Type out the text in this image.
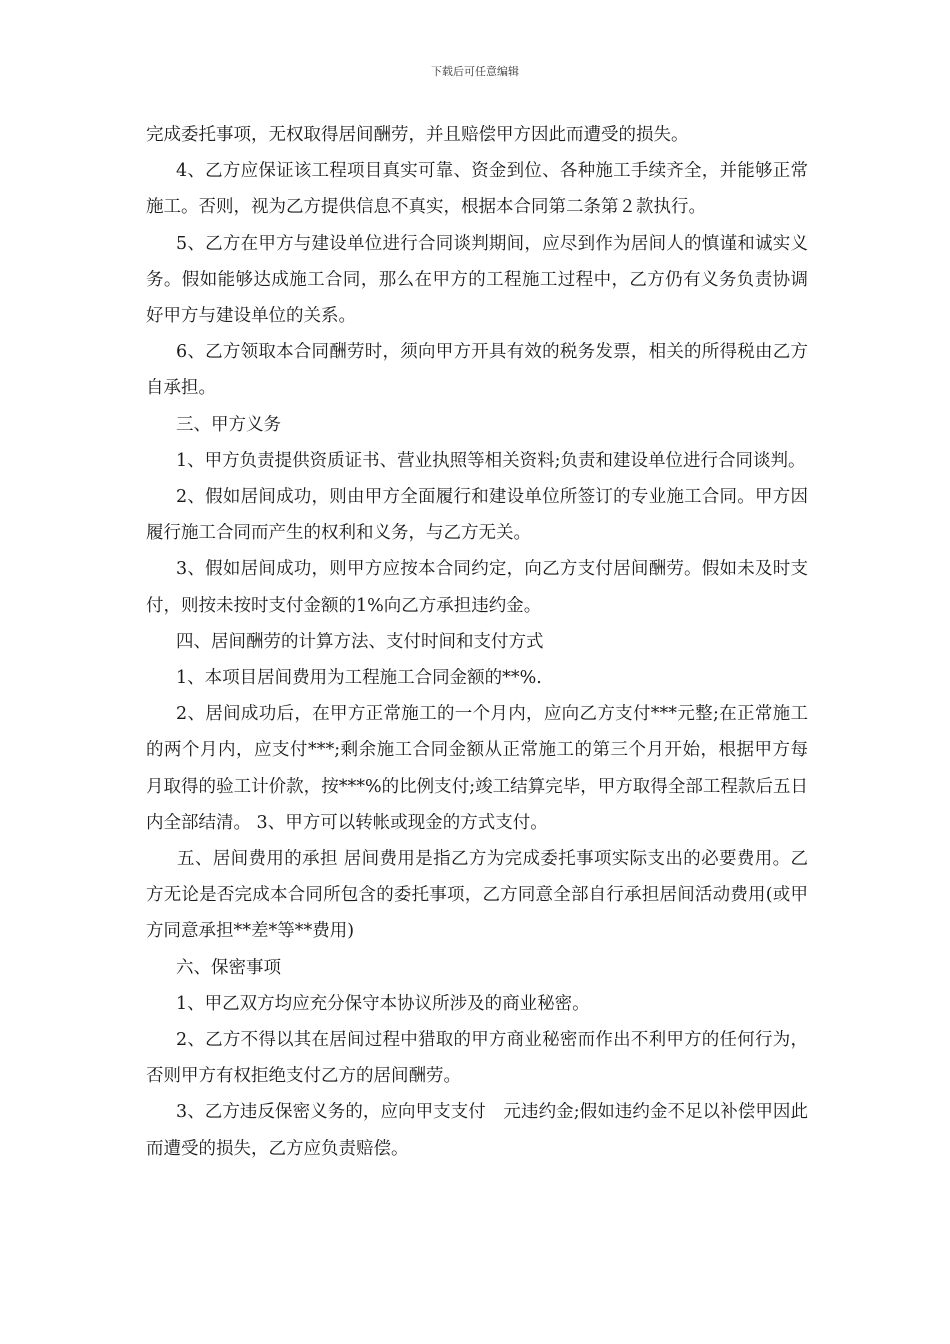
下载后可任意编辑

完成委托事项，无权取得居间酬劳，并且赔偿甲方因此而遭受的损失。

4、乙方应保证该工程项目真实可靠、资金到位、各种施工手续齐全，并能够正常施工。否则，视为乙方提供信息不真实，根据本合同第二条第２款执行。

5、乙方在甲方与建设单位进行合同谈判期间，应尽到作为居间人的慎谨和诚实义务。假如能够达成施工合同，那么在甲方的工程施工过程中，乙方仍有义务负责协调好甲方与建设单位的关系。

6、乙方领取本合同酬劳时，须向甲方开具有效的税务发票，相关的所得税由乙方自承担。

三、甲方义务

1、甲方负责提供资质证书、营业执照等相关资料;负责和建设单位进行合同谈判。

2、假如居间成功，则由甲方全面履行和建设单位所签订的专业施工合同。甲方因履行施工合同而产生的权利和义务，与乙方无关。

3、假如居间成功，则甲方应按本合同约定，向乙方支付居间酬劳。假如未及时支付，则按未按时支付金额的1%向乙方承担违约金。

四、居间酬劳的计算方法、支付时间和支付方式

1、本项目居间费用为工程施工合同金额的**%.

2、居间成功后，在甲方正常施工的一个月内，应向乙方支付***元整;在正常施工的两个月内，应支付***;剩余施工合同金额从正常施工的第三个月开始，根据甲方每月取得的验工计价款，按***%的比例支付;竣工结算完毕，甲方取得全部工程款后五日内全部结清。 3、甲方可以转帐或现金的方式支付。

五、居间费用的承担 居间费用是指乙方为完成委托事项实际支出的必要费用。乙方无论是否完成本合同所包含的委托事项，乙方同意全部自行承担居间活动费用(或甲方同意承担**差*等**费用)

六、保密事项

1、甲乙双方均应充分保守本协议所涉及的商业秘密。

2、乙方不得以其在居间过程中猎取的甲方商业秘密而作出不利甲方的任何行为，否则甲方有权拒绝支付乙方的居间酬劳。

3、乙方违反保密义务的，应向甲支支付　元违约金;假如违约金不足以补偿甲因此而遭受的损失，乙方应负责赔偿。
